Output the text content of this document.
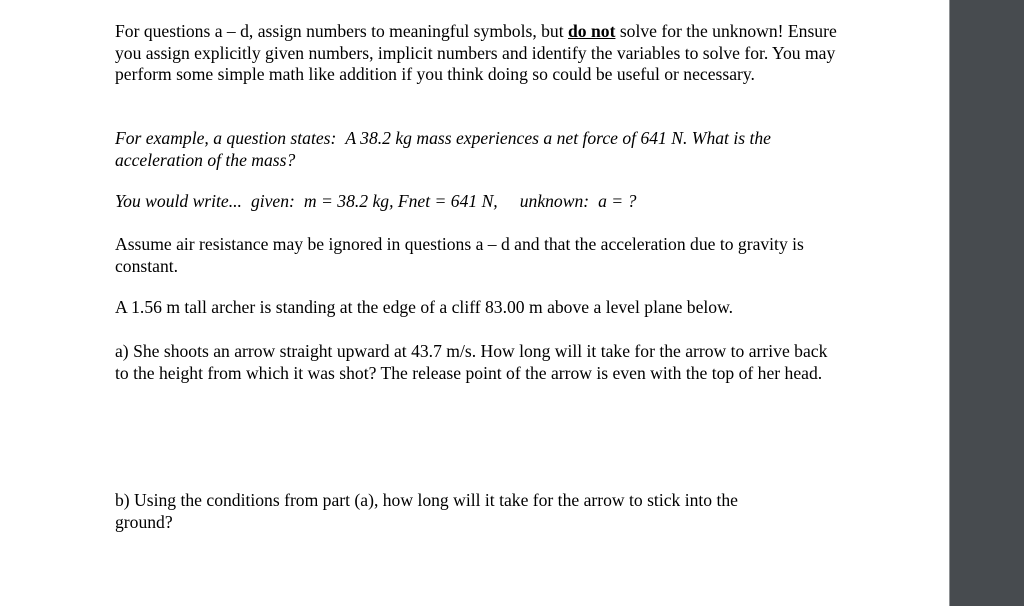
For questions a – d, assign numbers to meaningful symbols, but do not solve for the unknown! Ensure you assign explicitly given numbers, implicit numbers and identify the variables to solve for. You may perform some simple math like addition if you think doing so could be useful or necessary.

For example, a question states: A 38.2 kg mass experiences a net force of 641 N. What is the acceleration of the mass?

You would write... given: m = 38.2 kg, Fnet = 641 N, unknown: a = ?

Assume air resistance may be ignored in questions a – d and that the acceleration due to gravity is constant.

A 1.56 m tall archer is standing at the edge of a cliff 83.00 m above a level plane below.

a) She shoots an arrow straight upward at 43.7 m/s. How long will it take for the arrow to arrive back to the height from which it was shot? The release point of the arrow is even with the top of her head.

b) Using the conditions from part (a), how long will it take for the arrow to stick into the ground?
